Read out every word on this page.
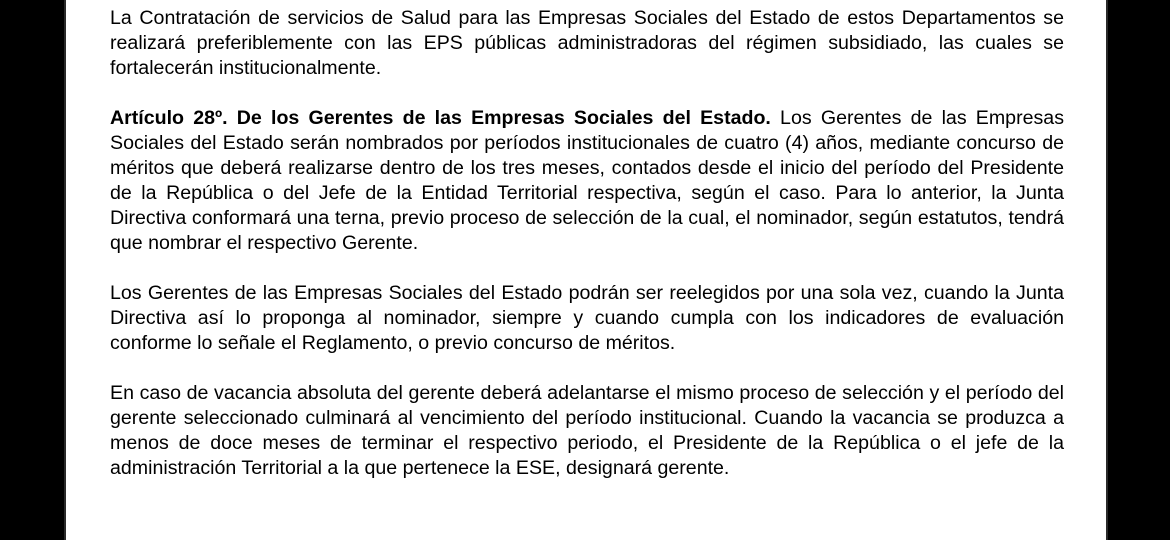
La Contratación de servicios de Salud para las Empresas Sociales del Estado de estos Departamentos se realizará preferiblemente con las EPS públicas administradoras del régimen subsidiado, las cuales se fortalecerán institucionalmente.

Artículo 28º. De los Gerentes de las Empresas Sociales del Estado. Los Gerentes de las Empresas Sociales del Estado serán nombrados por períodos institucionales de cuatro (4) años, mediante concurso de méritos que deberá realizarse dentro de los tres meses, contados desde el inicio del período del Presidente de la República o del Jefe de la Entidad Territorial respectiva, según el caso. Para lo anterior, la Junta Directiva conformará una terna, previo proceso de selección de la cual, el nominador, según estatutos, tendrá que nombrar el respectivo Gerente.

Los Gerentes de las Empresas Sociales del Estado podrán ser reelegidos por una sola vez, cuando la Junta Directiva así lo proponga al nominador, siempre y cuando cumpla con los indicadores de evaluación conforme lo señale el Reglamento, o previo concurso de méritos.

En caso de vacancia absoluta del gerente deberá adelantarse el mismo proceso de selección y el período del gerente seleccionado culminará al vencimiento del período institucional. Cuando la vacancia se produzca a menos de doce meses de terminar el respectivo periodo, el Presidente de la República o el jefe de la administración Territorial a la que pertenece la ESE, designará gerente.
